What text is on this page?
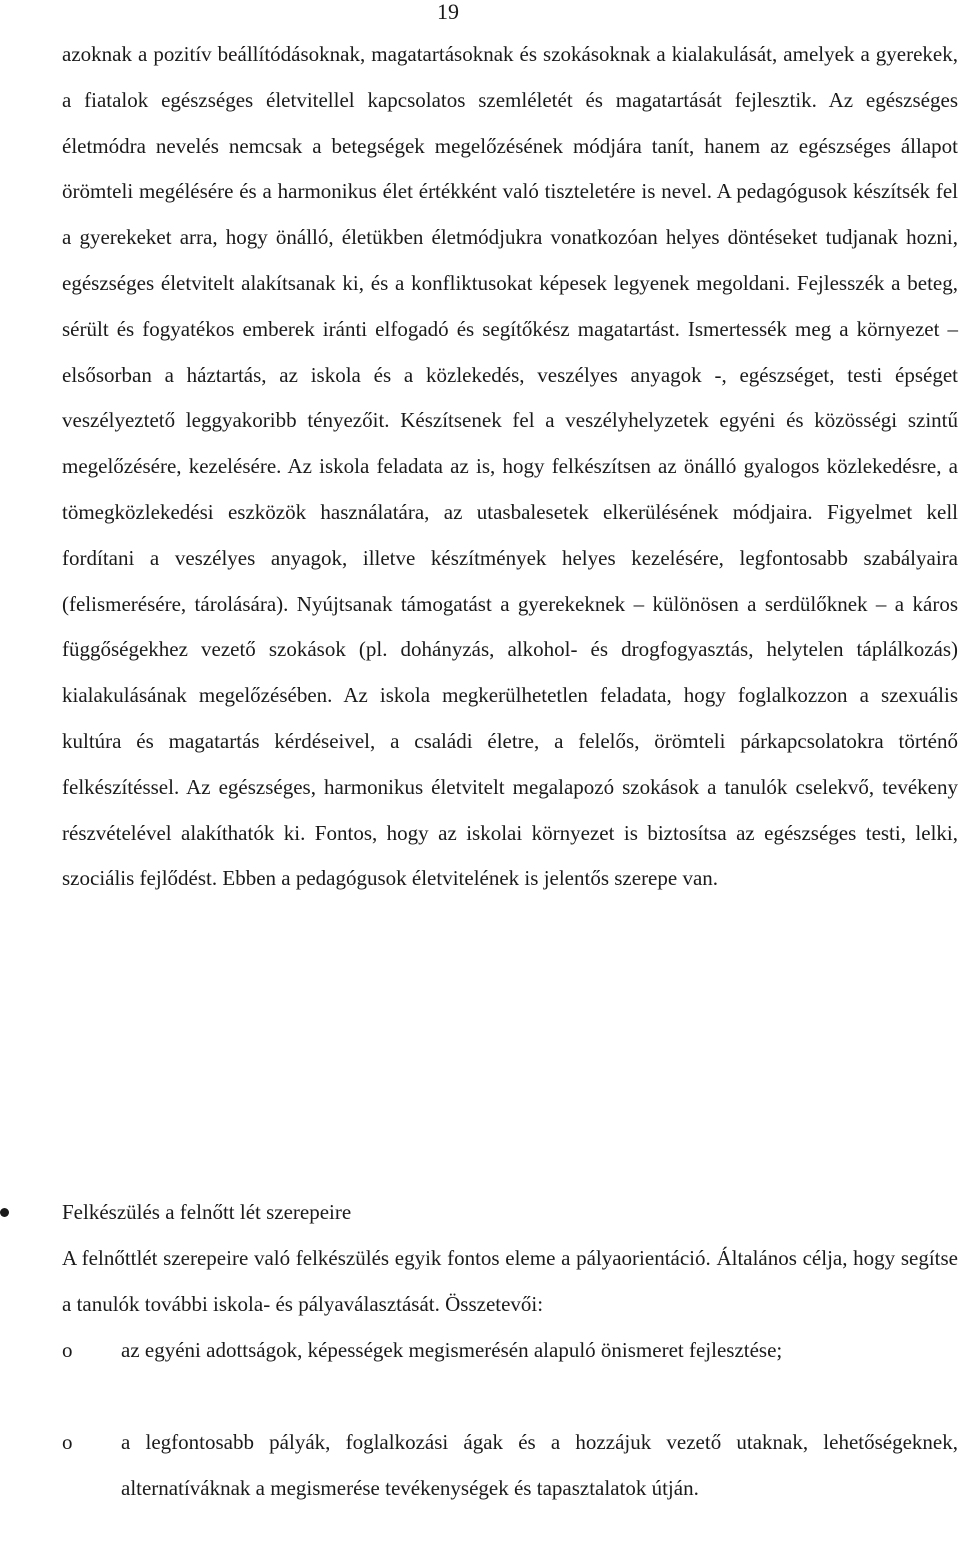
19

azoknak a pozitív beállítódásoknak, magatartásoknak és szokásoknak a kialakulását, amelyek a gyerekek, a fiatalok egészséges életvitellel kapcsolatos szemléletét és magatartását fejlesztik. Az egészséges életmódra nevelés nemcsak a betegségek megelőzésének módjára tanít, hanem az egészséges állapot örömteli megélésére és a harmonikus élet értékként való tiszteletére is nevel. A pedagógusok készítsék fel a gyerekeket arra, hogy önálló, életükben életmódjukra vonatkozóan helyes döntéseket tudjanak hozni, egészséges életvitelt alakítsanak ki, és a konfliktusokat képesek legyenek megoldani. Fejlesszék a beteg, sérült és fogyatékos emberek iránti elfogadó és segítőkész magatartást. Ismertessék meg a környezet – elsősorban a háztartás, az iskola és a közlekedés, veszélyes anyagok -, egészséget, testi épséget veszélyeztető leggyakoribb tényezőit. Készítsenek fel a veszélyhelyzetek egyéni és közösségi szintű megelőzésére, kezelésére. Az iskola feladata az is, hogy felkészítsen az önálló gyalogos közlekedésre, a tömegközlekedési eszközök használatára, az utasbalesetek elkerülésének módjaira. Figyelmet kell fordítani a veszélyes anyagok, illetve készítmények helyes kezelésére, legfontosabb szabályaira (felismerésére, tárolására). Nyújtsanak támogatást a gyerekeknek – különösen a serdülőknek – a káros függőségekhez vezető szokások (pl. dohányzás, alkohol- és drogfogyasztás, helytelen táplálkozás) kialakulásának megelőzésében. Az iskola megkerülhetetlen feladata, hogy foglalkozzon a szexuális kultúra és magatartás kérdéseivel, a családi életre, a felelős, örömteli párkapcsolatokra történő felkészítéssel. Az egészséges, harmonikus életvitelt megalapozó szokások a tanulók cselekvő, tevékeny részvételével alakíthatók ki. Fontos, hogy az iskolai környezet is biztosítsa az egészséges testi, lelki, szociális fejlődést. Ebben a pedagógusok életvitelének is jelentős szerepe van.

Felkészülés a felnőtt lét szerepeire

A felnőttlét szerepeire való felkészülés egyik fontos eleme a pályaorientáció. Általános célja, hogy segítse a tanulók további iskola- és pályaválasztását. Összetevői:

o az egyéni adottságok, képességek megismerésén alapuló önismeret fejlesztése;

o a legfontosabb pályák, foglalkozási ágak és a hozzájuk vezető utaknak, lehetőségeknek, alternatíváknak a megismerése tevékenységek és tapasztalatok útján.
